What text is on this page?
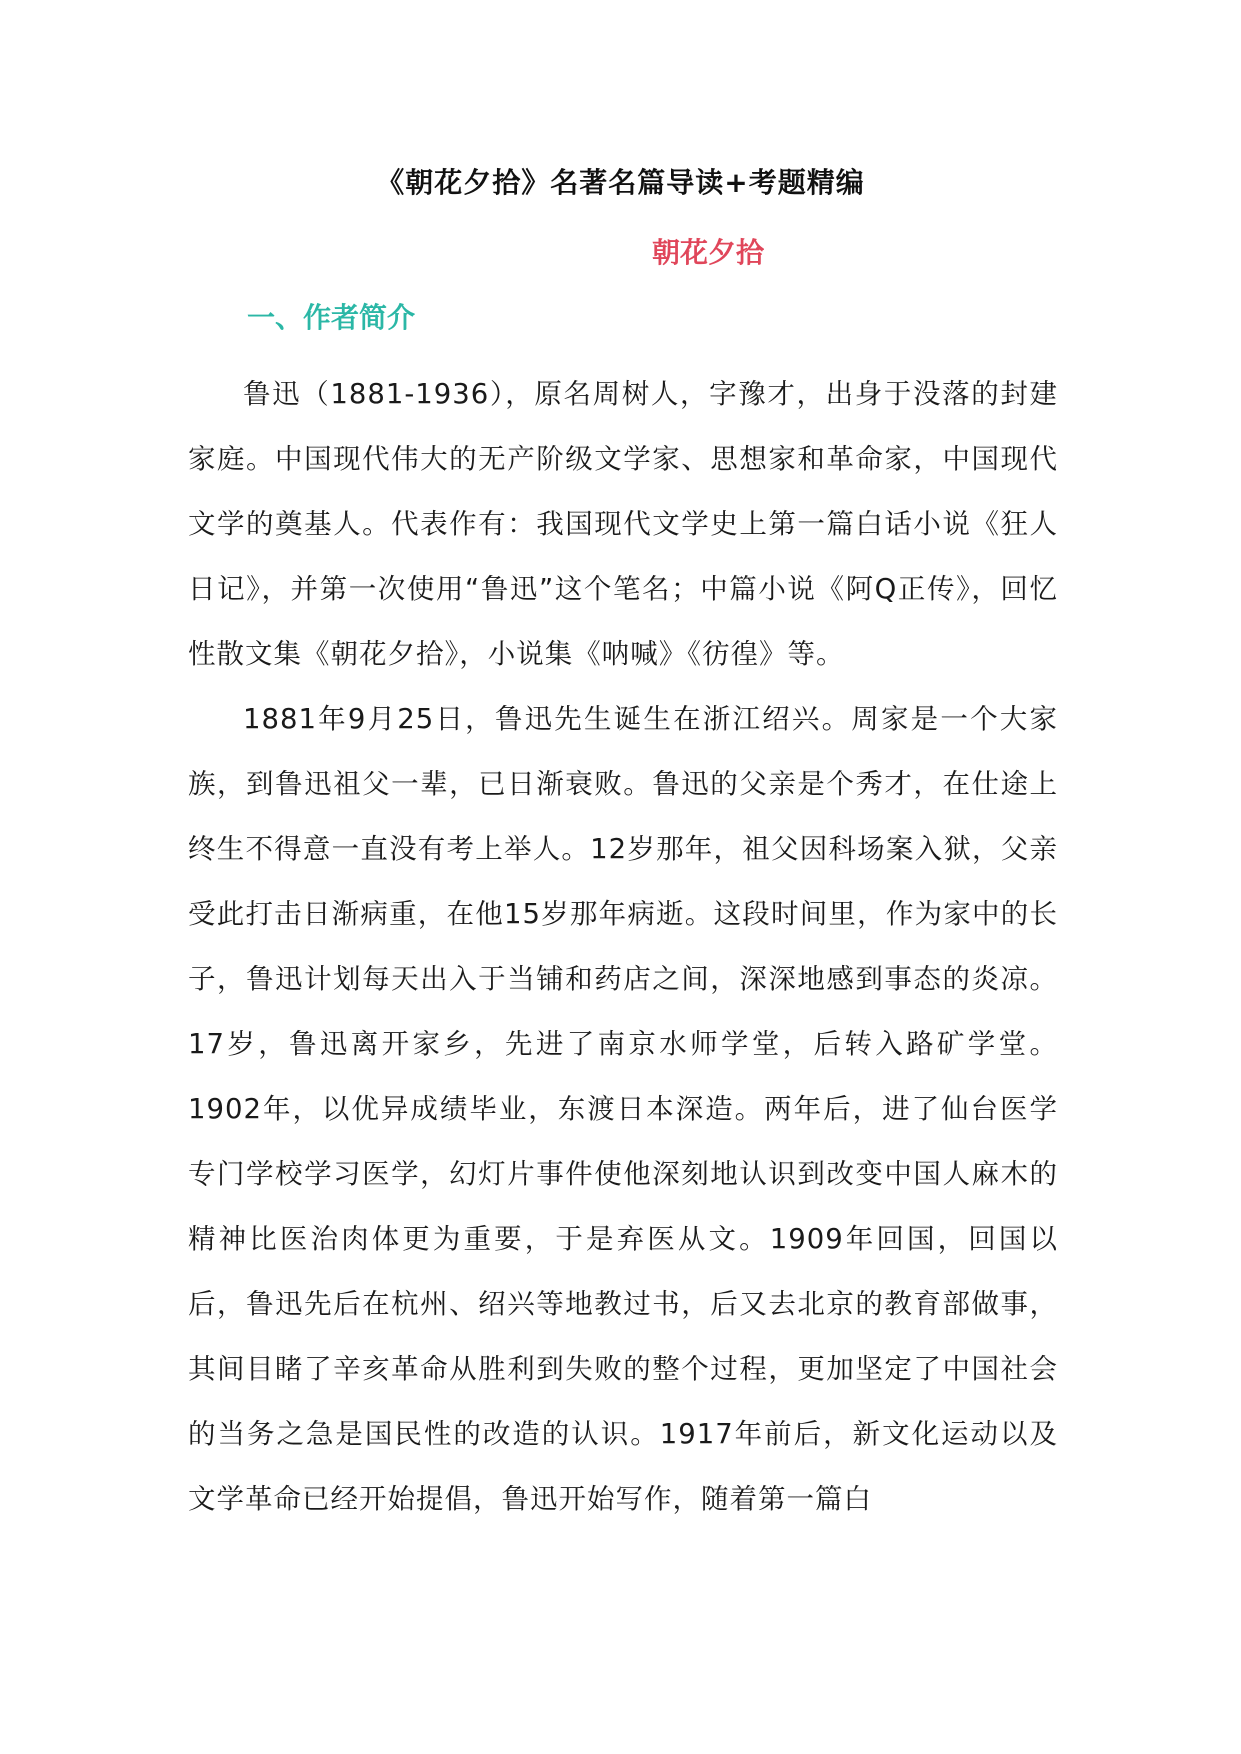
《朝花夕拾》名著名篇导读+考题精编
朝花夕拾
一、作者简介

鲁迅（1881-1936），原名周树人，字豫才，出身于没落的封建家庭。中国现代伟大的无产阶级文学家、思想家和革命家，中国现代文学的奠基人。代表作有：我国现代文学史上第一篇白话小说《狂人日记》，并第一次使用“鲁迅”这个笔名；中篇小说《阿Q正传》，回忆性散文集《朝花夕拾》，小说集《呐喊》《彷徨》等。

1881年9月25日，鲁迅先生诞生在浙江绍兴。周家是一个大家族，到鲁迅祖父一辈，已日渐衰败。鲁迅的父亲是个秀才，在仕途上终生不得意一直没有考上举人。12岁那年，祖父因科场案入狱，父亲受此打击日渐病重，在他15岁那年病逝。这段时间里，作为家中的长子，鲁迅计划每天出入于当铺和药店之间，深深地感到事态的炎凉。17岁，鲁迅离开家乡，先进了南京水师学堂，后转入路矿学堂。1902年，以优异成绩毕业，东渡日本深造。两年后，进了仙台医学专门学校学习医学，幻灯片事件使他深刻地认识到改变中国人麻木的精神比医治肉体更为重要，于是弃医从文。1909年回国，回国以后，鲁迅先后在杭州、绍兴等地教过书，后又去北京的教育部做事，其间目睹了辛亥革命从胜利到失败的整个过程，更加坚定了中国社会的当务之急是国民性的改造的认识。1917年前后，新文化运动以及文学革命已经开始提倡，鲁迅开始写作，随着第一篇白
